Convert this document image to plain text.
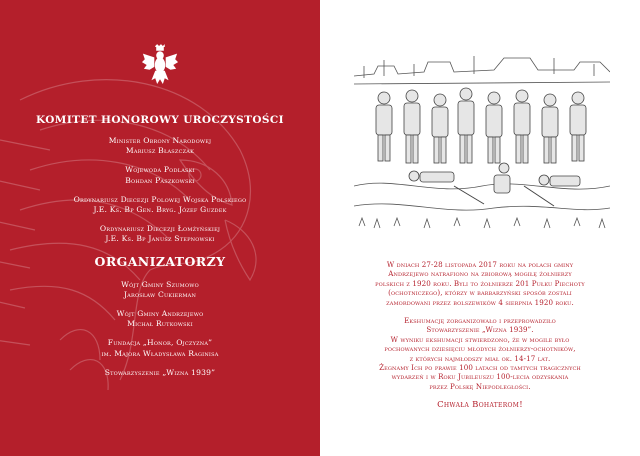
KOMITET HONOROWY UROCZYSTOŚCI
Minister Obrony Narodowej
Mariusz Błaszczak
Wojewoda Podlaski
Bohdan Paszkowski
Ordynariusz Diecezji Polowej Wojska Polskiego
J.E. Ks. Bp Gen. Bryg. Józef Guzdek
Ordynariusz Diecezji Łomżyńskiej
J.E. Ks. Bp Janusz Stepnowski
ORGANIZATORZY
Wójt Gminy Szumowo
Jarosław Cukierman
Wójt Gminy Andrzejewo
Michał Rutkowski
Fundacja „Honor, Ojczyzna”
im. Majora Władysława Raginisa
Stowarzyszenie „Wizna 1939”
W dniach 27-28 listopada 2017 roku na polach gminy
Andrzejewo natrafiono na zbiorową mogiłę żołnierzy
polskich z 1920 roku. Byli to żołnierze 201 Pułku Piechoty
(ochotniczego), którzy w barbarzyński sposób zostali
zamordowani przez bolszewików 4 sierpnia 1920 roku.
Ekshumację zorganizowało i przeprowadziło
Stowarzyszenie „Wizna 1939”.
W wyniku ekshumacji stwierdzono, że w mogile było
pochowanych dziesięciu młodych żołnierzy-ochotników,
z których najmłodszy miał ok. 14-17 lat.
Żegnamy Ich po prawie 100 latach od tamtych tragicznych
wydarzeń i w Roku Jubileuszu 100-lecia odzyskania
przez Polskę Niepodległości.
Chwała Bohaterom!
